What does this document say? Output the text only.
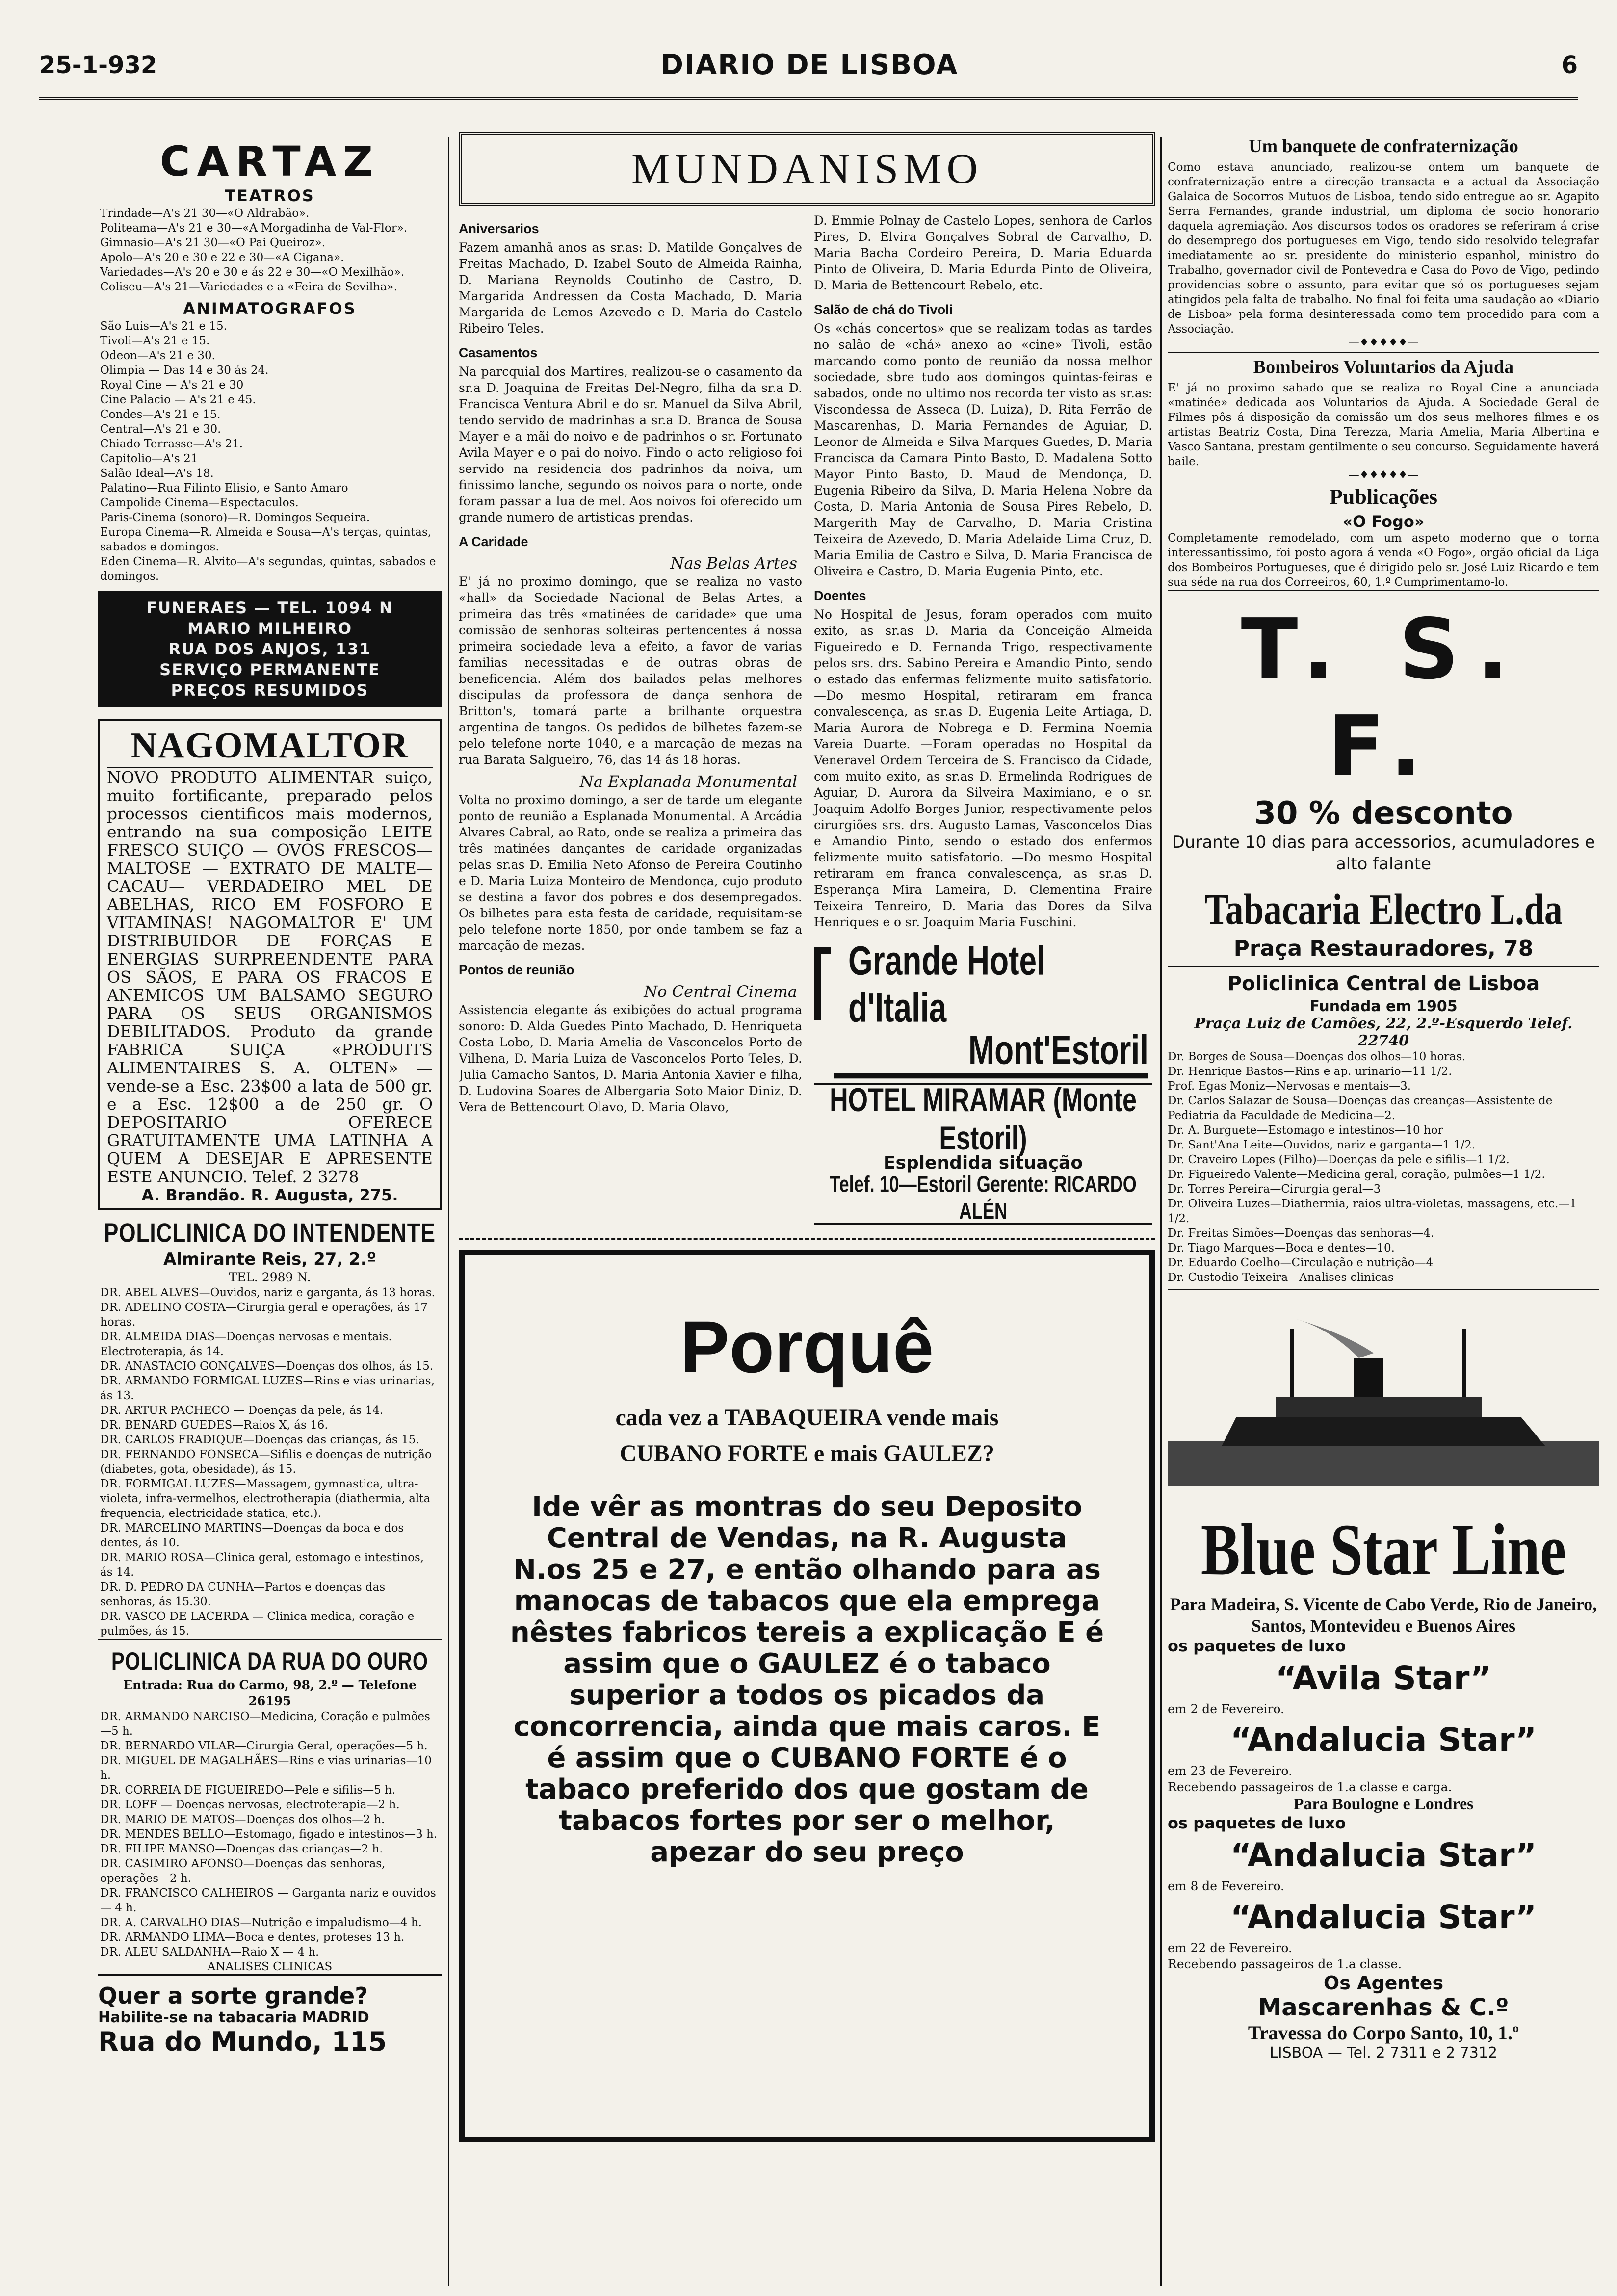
25-1-932	DIARIO DE LISBOA	6
CARTAZ
TEATROS

Trindade—A's 21 30—«O Aldrabão».

Politeama—A's 21 e 30—«A Morgadinha de Val-Flor».

Gimnasio—A's 21 30—«O Pai Queiroz».

Apolo—A's 20 e 30 e 22 e 30—«A Cigana».

Variedades—A's 20 e 30 e ás 22 e 30—«O Mexilhão».

Coliseu—A's 21—Variedades e a «Feira de Sevilha».

ANIMATOGRAFOS

São Luis—A's 21 e 15.

Tivoli—A's 21 e 15.

Odeon—A's 21 e 30.

Olimpia — Das 14 e 30 ás 24.

Royal Cine — A's 21 e 30

Cine Palacio — A's 21 e 45.

Condes—A's 21 e 15.

Central—A's 21 e 30.

Chiado Terrasse—A's 21.

Capitolio—A's 21

Salão Ideal—A's 18.

Palatino—Rua Filinto Elisio, e Santo Amaro

Campolide Cinema—Espectaculos.

Paris-Cinema (sonoro)—R. Domingos Sequeira.

Europa Cinema—R. Almeida e Sousa—A's terças, quintas, sabados e domingos.

Eden Cinema—R. Alvito—A's segundas, quintas, sabados e domingos.

FUNERAES — TEL. 1094 N
MARIO MILHEIRO
RUA DOS ANJOS, 131
SERVIÇO PERMANENTE
PREÇOS RESUMIDOS
NAGOMALTOR

NOVO PRODUTO ALIMENTAR suiço, muito fortificante, preparado pelos processos cientificos mais modernos, entrando na sua composição LEITE FRESCO SUIÇO — OVOS FRESCOS—MALTOSE — EXTRATO DE MALTE—CACAU— VERDADEIRO MEL DE ABELHAS, RICO EM FOSFORO E VITAMINAS! NAGOMALTOR E' UM DISTRIBUIDOR DE FORÇAS E ENERGIAS SURPREENDENTE PARA OS SÃOS, E PARA OS FRACOS E ANEMICOS UM BALSAMO SEGURO PARA OS SEUS ORGANISMOS DEBILITADOS. Produto da grande FABRICA SUIÇA «PRODUITS ALIMENTAIRES S. A. OLTEN» — vende-se a Esc. 23$00 a lata de 500 gr. e a Esc. 12$00 a de 250 gr. O DEPOSITARIO OFERECE GRATUITAMENTE UMA LATINHA A QUEM A DESEJAR E APRESENTE ESTE ANUNCIO. Telef. 2 3278

A. Brandão. R. Augusta, 275.

POLICLINICA DO INTENDENTE
Almirante Reis, 27, 2.º
TEL. 2989 N.

DR. ABEL ALVES—Ouvidos, nariz e garganta, ás 13 horas.

DR. ADELINO COSTA—Cirurgia geral e operações, ás 17 horas.

DR. ALMEIDA DIAS—Doenças nervosas e mentais. Electroterapia, ás 14.

DR. ANASTACIO GONÇALVES—Doenças dos olhos, ás 15.

DR. ARMANDO FORMIGAL LUZES—Rins e vias urinarias, ás 13.

DR. ARTUR PACHECO — Doenças da pele, ás 14.

DR. BENARD GUEDES—Raios X, ás 16.

DR. CARLOS FRADIQUE—Doenças das crianças, ás 15.

DR. FERNANDO FONSECA—Sifilis e doenças de nutrição (diabetes, gota, obesidade), ás 15.

DR. FORMIGAL LUZES—Massagem, gymnastica, ultra-violeta, infra-vermelhos, electrotherapia (diathermia, alta frequencia, electricidade statica, etc.).

DR. MARCELINO MARTINS—Doenças da boca e dos dentes, ás 10.

DR. MARIO ROSA—Clinica geral, estomago e intestinos, ás 14.

DR. D. PEDRO DA CUNHA—Partos e doenças das senhoras, ás 15.30.

DR. VASCO DE LACERDA — Clinica medica, coração e pulmões, ás 15.

POLICLINICA DA RUA DO OURO
Entrada: Rua do Carmo, 98, 2.º — Telefone 26195

DR. ARMANDO NARCISO—Medicina, Coração e pulmões—5 h.

DR. BERNARDO VILAR—Cirurgia Geral, operações—5 h.

DR. MIGUEL DE MAGALHÃES—Rins e vias urinarias—10 h.

DR. CORREIA DE FIGUEIREDO—Pele e sifilis—5 h.

DR. LOFF — Doenças nervosas, electroterapia—2 h.

DR. MARIO DE MATOS—Doenças dos olhos—2 h.

DR. MENDES BELLO—Estomago, figado e intestinos—3 h.

DR. FILIPE MANSO—Doenças das crianças—2 h.

DR. CASIMIRO AFONSO—Doenças das senhoras, operações—2 h.

DR. FRANCISCO CALHEIROS — Garganta nariz e ouvidos — 4 h.

DR. A. CARVALHO DIAS—Nutrição e impaludismo—4 h.

DR. ARMANDO LIMA—Boca e dentes, proteses 13 h.

DR. ALEU SALDANHA—Raio X — 4 h.

ANALISES CLINICAS

Quer a sorte grande?
Habilite-se na tabacaria MADRID
Rua do Mundo, 115
MUNDANISMO
Aniversarios

Fazem amanhã anos as sr.as: D. Matilde Gonçalves de Freitas Machado, D. Izabel Souto de Almeida Rainha, D. Mariana Reynolds Coutinho de Castro, D. Margarida Andressen da Costa Machado, D. Maria Margarida de Lemos Azevedo e D. Maria do Castelo Ribeiro Teles.

Casamentos

Na parcquial dos Martires, realizou-se o casamento da sr.a D. Joaquina de Freitas Del-Negro, filha da sr.a D. Francisca Ventura Abril e do sr. Manuel da Silva Abril, tendo servido de madrinhas a sr.a D. Branca de Sousa Mayer e a mãi do noivo e de padrinhos o sr. Fortunato Avila Mayer e o pai do noivo. Findo o acto religioso foi servido na residencia dos padrinhos da noiva, um finissimo lanche, segundo os noivos para o norte, onde foram passar a lua de mel. Aos noivos foi oferecido um grande numero de artisticas prendas.

A Caridade
Nas Belas Artes

E' já no proximo domingo, que se realiza no vasto «hall» da Sociedade Nacional de Belas Artes, a primeira das três «matinées de caridade» que uma comissão de senhoras solteiras pertencentes á nossa primeira sociedade leva a efeito, a favor de varias familias necessitadas e de outras obras de beneficencia. Além dos bailados pelas melhores discipulas da professora de dança senhora de Britton's, tomará parte a brilhante orquestra argentina de tangos. Os pedidos de bilhetes fazem-se pelo telefone norte 1040, e a marcação de mezas na rua Barata Salgueiro, 76, das 14 ás 18 horas.

Na Explanada Monumental

Volta no proximo domingo, a ser de tarde um elegante ponto de reunião a Esplanada Monumental. A Arcádia Alvares Cabral, ao Rato, onde se realiza a primeira das três matinées dançantes de caridade organizadas pelas sr.as D. Emilia Neto Afonso de Pereira Coutinho e D. Maria Luiza Monteiro de Mendonça, cujo produto se destina a favor dos pobres e dos desempregados. Os bilhetes para esta festa de caridade, requisitam-se pelo telefone norte 1850, por onde tambem se faz a marcação de mezas.

Pontos de reunião
No Central Cinema

Assistencia elegante ás exibições do actual programa sonoro: D. Alda Guedes Pinto Machado, D. Henriqueta Costa Lobo, D. Maria Amelia de Vasconcelos Porto de Vilhena, D. Maria Luiza de Vasconcelos Porto Teles, D. Julia Camacho Santos, D. Maria Antonia Xavier e filha, D. Ludovina Soares de Albergaria Soto Maior Diniz, D. Vera de Bettencourt Olavo, D. Maria Olavo,

D. Emmie Polnay de Castelo Lopes, senhora de Carlos Pires, D. Elvira Gonçalves Sobral de Carvalho, D. Maria Bacha Cordeiro Pereira, D. Maria Eduarda Pinto de Oliveira, D. Maria Edurda Pinto de Oliveira, D. Maria de Bettencourt Rebelo, etc.

Salão de chá do Tivoli

Os «chás concertos» que se realizam todas as tardes no salão de «chá» anexo ao «cine» Tivoli, estão marcando como ponto de reunião da nossa melhor sociedade, sbre tudo aos domingos quintas-feiras e sabados, onde no ultimo nos recorda ter visto as sr.as: Viscondessa de Asseca (D. Luiza), D. Rita Ferrão de Mascarenhas, D. Maria Fernandes de Aguiar, D. Leonor de Almeida e Silva Marques Guedes, D. Maria Francisca da Camara Pinto Basto, D. Madalena Sotto Mayor Pinto Basto, D. Maud de Mendonça, D. Eugenia Ribeiro da Silva, D. Maria Helena Nobre da Costa, D. Maria Antonia de Sousa Pires Rebelo, D. Margerith May de Carvalho, D. Maria Cristina Teixeira de Azevedo, D. Maria Adelaide Lima Cruz, D. Maria Emilia de Castro e Silva, D. Maria Francisca de Oliveira e Castro, D. Maria Eugenia Pinto, etc.

Doentes

No Hospital de Jesus, foram operados com muito exito, as sr.as D. Maria da Conceição Almeida Figueiredo e D. Fernanda Trigo, respectivamente pelos srs. drs. Sabino Pereira e Amandio Pinto, sendo o estado das enfermas felizmente muito satisfatorio. —Do mesmo Hospital, retiraram em franca convalescença, as sr.as D. Eugenia Leite Artiaga, D. Maria Aurora de Nobrega e D. Fermina Noemia Vareia Duarte. —Foram operadas no Hospital da Veneravel Ordem Terceira de S. Francisco da Cidade, com muito exito, as sr.as D. Ermelinda Rodrigues de Aguiar, D. Aurora da Silveira Maximiano, e o sr. Joaquim Adolfo Borges Junior, respectivamente pelos cirurgiões srs. drs. Augusto Lamas, Vasconcelos Dias e Amandio Pinto, sendo o estado dos enfermos felizmente muito satisfatorio. —Do mesmo Hospital retiraram em franca convalescença, as sr.as D. Esperança Mira Lameira, D. Clementina Fraire Teixeira Tenreiro, D. Maria das Dores da Silva Henriques e o sr. Joaquim Maria Fuschini.

Grande Hotel d'Italia
Mont'Estoril
HOTEL MIRAMAR (Monte Estoril)
Esplendida situação
Telef. 10—Estoril Gerente: RICARDO ALÉN
Porquê
cada vez a TABAQUEIRA vende mais
CUBANO FORTE e mais GAULEZ?
Ide vêr as montras do seu Deposito Central de Vendas, na R. Augusta N.os 25 e 27, e então olhando para as manocas de tabacos que ela emprega nêstes fabricos tereis a explicação E é assim que o GAULEZ é o tabaco superior a todos os picados da concorrencia, ainda que mais caros. E é assim que o CUBANO FORTE é o tabaco preferido dos que gostam de tabacos fortes por ser o melhor, apezar do seu preço
Um banquete de confraternização

Como estava anunciado, realizou-se ontem um banquete de confraternização entre a direcção transacta e a actual da Associação Galaica de Socorros Mutuos de Lisboa, tendo sido entregue ao sr. Agapito Serra Fernandes, grande industrial, um diploma de socio honorario daquela agremiação. Aos discursos todos os oradores se referiram á crise do desemprego dos portugueses em Vigo, tendo sido resolvido telegrafar imediatamente ao sr. presidente do ministerio espanhol, ministro do Trabalho, governador civil de Pontevedra e Casa do Povo de Vigo, pedindo providencias sobre o assunto, para evitar que só os portugueses sejam atingidos pela falta de trabalho. No final foi feita uma saudação ao «Diario de Lisboa» pela forma desinteressada como tem procedido para com a Associação.

—♦♦♦♦♦—
Bombeiros Voluntarios da Ajuda

E' já no proximo sabado que se realiza no Royal Cine a anunciada «matinée» dedicada aos Voluntarios da Ajuda. A Sociedade Geral de Filmes pôs á disposição da comissão um dos seus melhores filmes e os artistas Beatriz Costa, Dina Terezza, Maria Amelia, Maria Albertina e Vasco Santana, prestam gentilmente o seu concurso. Seguidamente haverá baile.

—♦♦♦♦♦—
Publicações
«O Fogo»

Completamente remodelado, com um aspeto moderno que o torna interessantissimo, foi posto agora á venda «O Fogo», orgão oficial da Liga dos Bombeiros Portugueses, que é dirigido pelo sr. José Luiz Ricardo e tem sua séde na rua dos Correeiros, 60, 1.º Cumprimentamo-lo.

T. S. F.
30 % desconto
Durante 10 dias para accessorios, acumuladores e alto falante
Tabacaria Electro L.da
Praça Restauradores, 78
Policlinica Central de Lisboa
Fundada em 1905
Praça Luiz de Camões, 22, 2.º-Esquerdo Telef. 22740

Dr. Borges de Sousa—Doenças dos olhos—10 horas.

Dr. Henrique Bastos—Rins e ap. urinario—11 1/2.

Prof. Egas Moniz—Nervosas e mentais—3.

Dr. Carlos Salazar de Sousa—Doenças das creanças—Assistente de Pediatria da Faculdade de Medicina—2.

Dr. A. Burguete—Estomago e intestinos—10 hor

Dr. Sant'Ana Leite—Ouvidos, nariz e garganta—1 1/2.

Dr. Craveiro Lopes (Filho)—Doenças da pele e sifilis—1 1/2.

Dr. Figueiredo Valente—Medicina geral, coração, pulmões—1 1/2.

Dr. Torres Pereira—Cirurgia geral—3

Dr. Oliveira Luzes—Diathermia, raios ultra-violetas, massagens, etc.—1 1/2.

Dr. Freitas Simões—Doenças das senhoras—4.

Dr. Tiago Marques—Boca e dentes—10.

Dr. Eduardo Coelho—Circulação e nutrição—4

Dr. Custodio Teixeira—Analises clinicas

Blue Star Line
Para Madeira, S. Vicente de Cabo Verde, Rio de Janeiro, Santos, Montevideu e Buenos Aires
os paquetes de luxo
“Avila Star”
em 2 de Fevereiro.
“Andalucia Star”
em 23 de Fevereiro.
Recebendo passageiros de 1.a classe e carga.
Para Boulogne e Londres
os paquetes de luxo
“Andalucia Star”
em 8 de Fevereiro.
“Andalucia Star”
em 22 de Fevereiro.
Recebendo passageiros de 1.a classe.
Os Agentes
Mascarenhas & C.º
Travessa do Corpo Santo, 10, 1.º
LISBOA — Tel. 2 7311 e 2 7312
